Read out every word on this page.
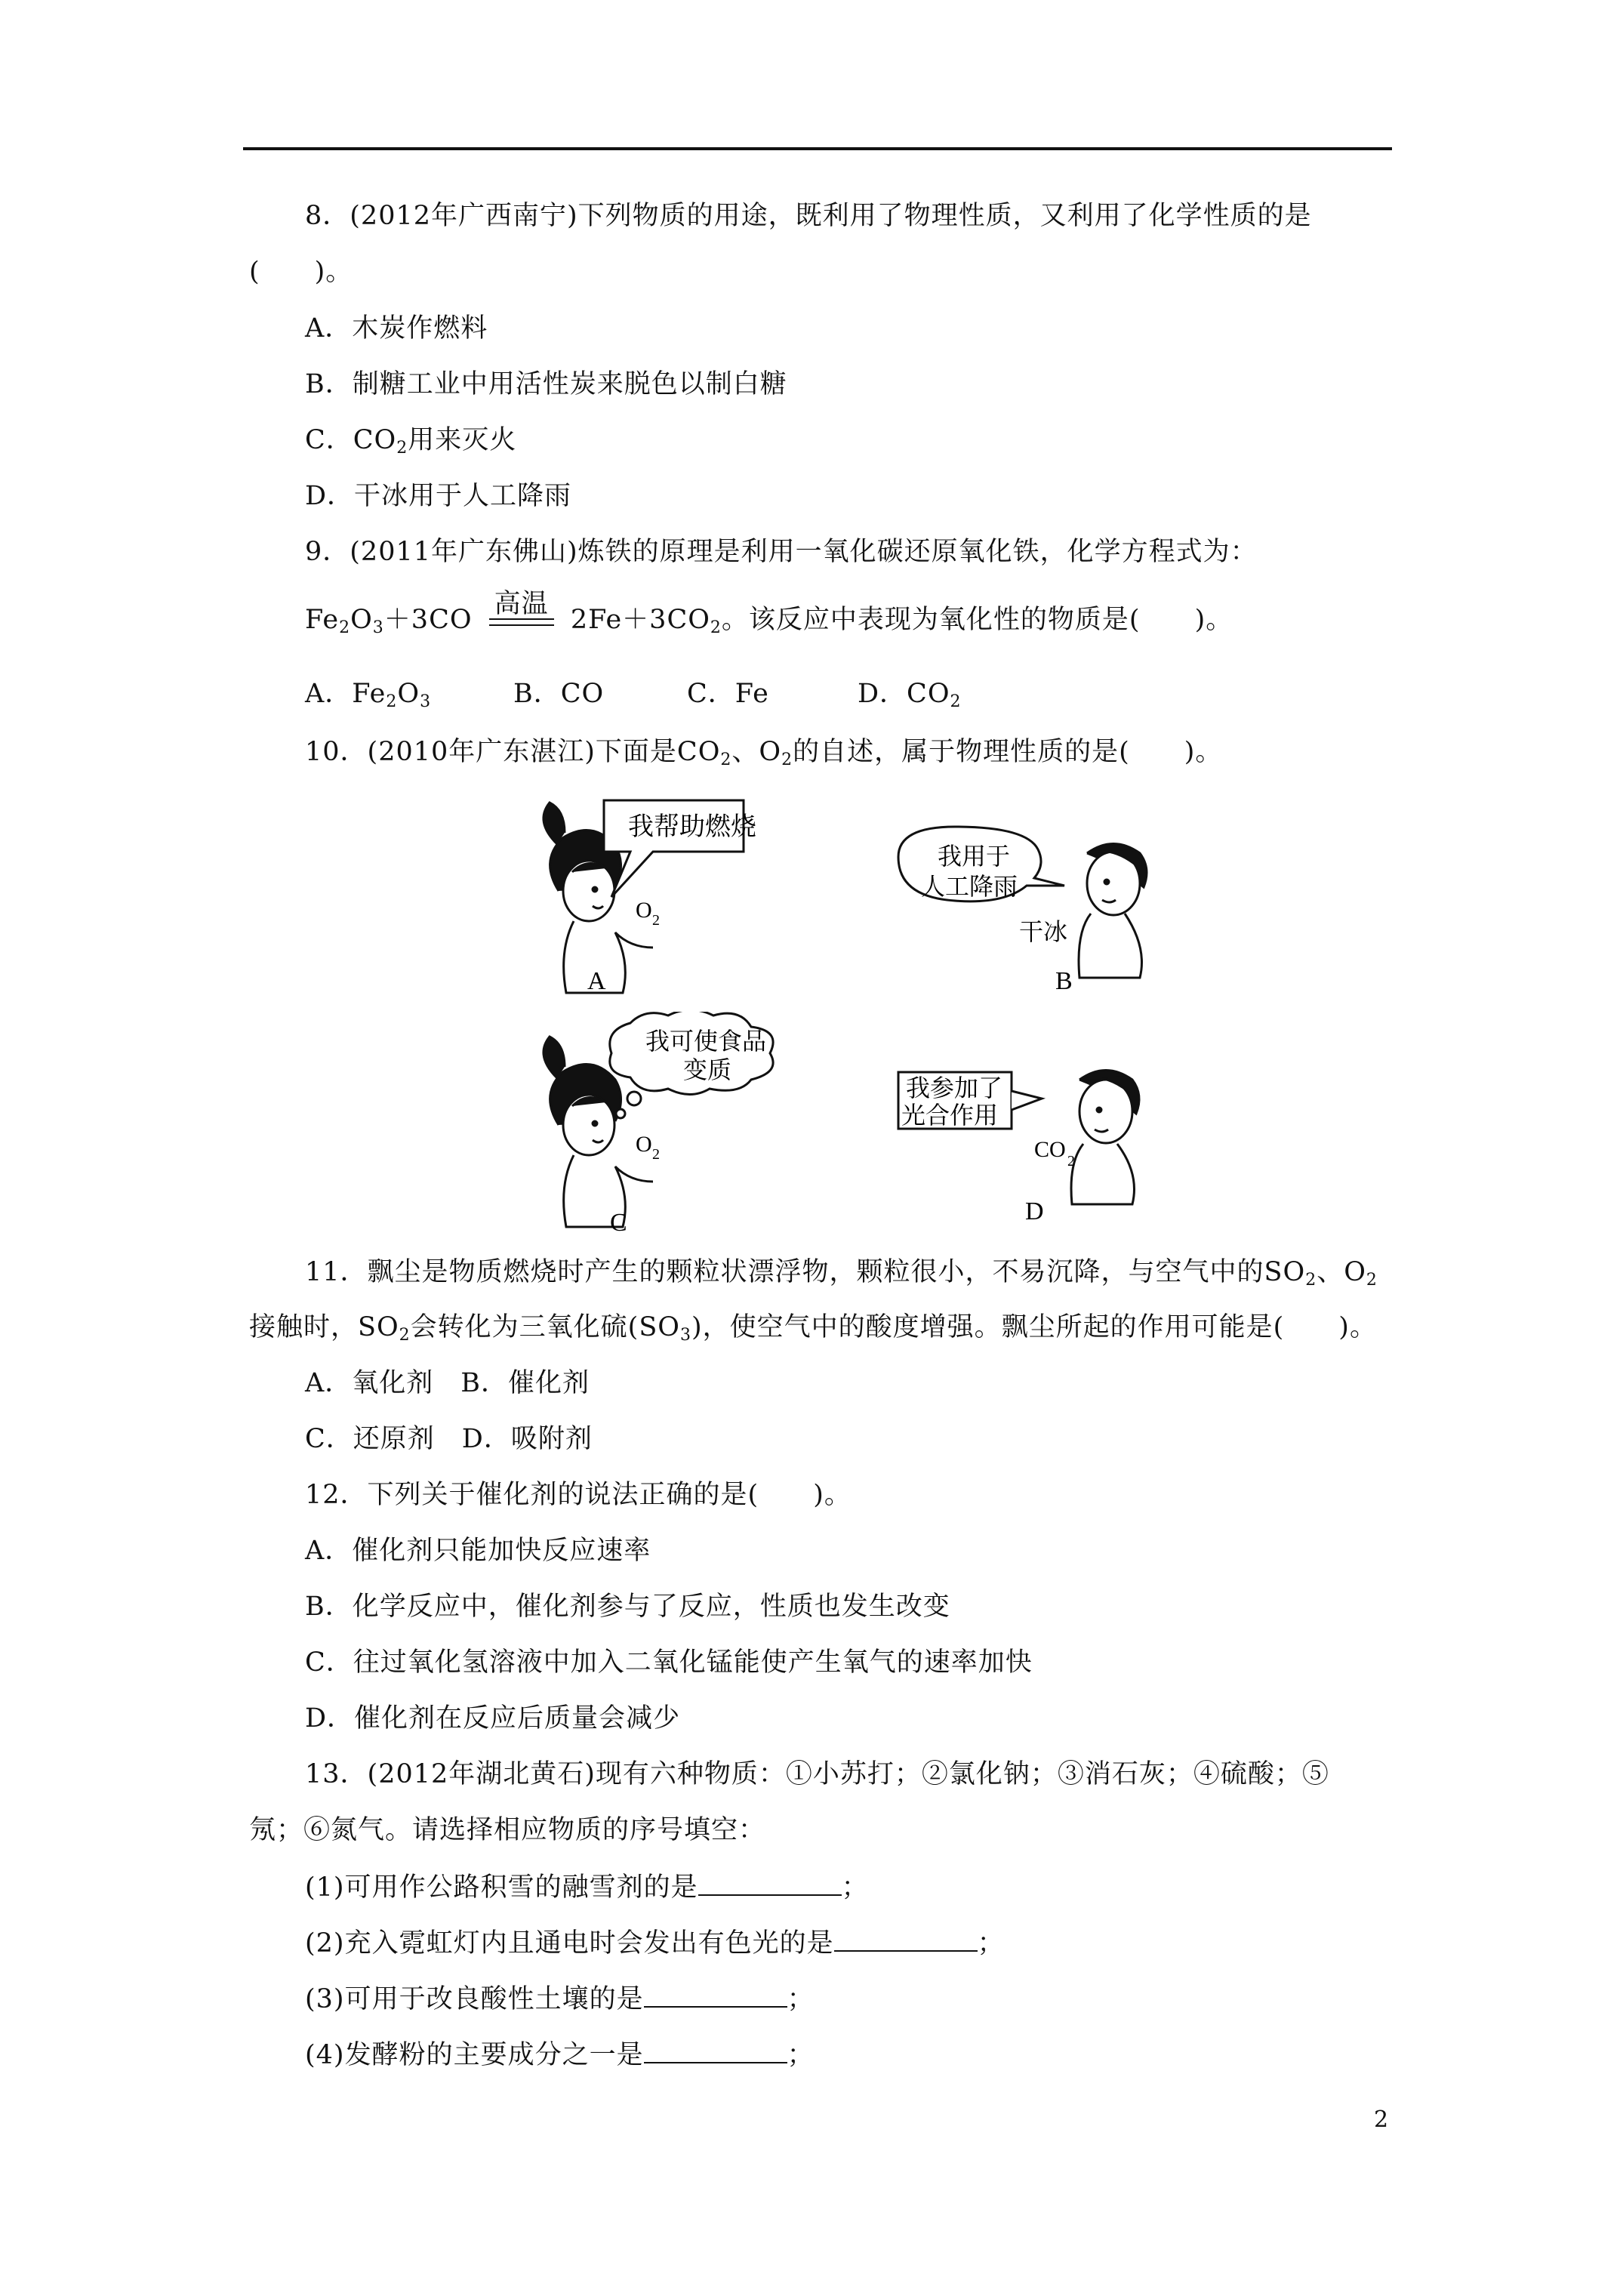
8．(2012年广西南宁)下列物质的用途，既利用了物理性质，又利用了化学性质的是
(　　)。
A．木炭作燃料
B．制糖工业中用活性炭来脱色以制白糖
C．$CO_2$用来灭火
D．干冰用于人工降雨
9．(2011年广东佛山)炼铁的原理是利用一氧化碳还原氧化铁，化学方程式为：
$Fe_2O_3+3CO$
高温
$2Fe+3CO_2$。该反应中表现为氧化性的物质是(　　)。
A．$Fe_2O_3$	B．CO	C．Fe	D．$CO_2$
10．(2010年广东湛江)下面是$CO_2$、$O_2$的自述，属于物理性质的是(　　)。
我帮助燃烧
O 2
A
我用于
人工降雨
干冰
B
我可使食品
变质
O 2
C
我参加了
光合作用
CO 2
D
11．飘尘是物质燃烧时产生的颗粒状漂浮物，颗粒很小，不易沉降，与空气中的$SO_2$、$O_2$
接触时，$SO_2$会转化为三氧化硫$(SO_3)$，使空气中的酸度增强。飘尘所起的作用可能是(　　)。
A．氧化剂　B．催化剂
C．还原剂　D．吸附剂
12．下列关于催化剂的说法正确的是(　　)。
A．催化剂只能加快反应速率
B．化学反应中，催化剂参与了反应，性质也发生改变
C．往过氧化氢溶液中加入二氧化锰能使产生氧气的速率加快
D．催化剂在反应后质量会减少
13．(2012年湖北黄石)现有六种物质：①小苏打；②氯化钠；③消石灰；④硫酸；⑤
氖；⑥氮气。请选择相应物质的序号填空：
(1)可用作公路积雪的融雪剂的是	；
(2)充入霓虹灯内且通电时会发出有色光的是	；
(3)可用于改良酸性土壤的是	；
(4)发酵粉的主要成分之一是	；
2
